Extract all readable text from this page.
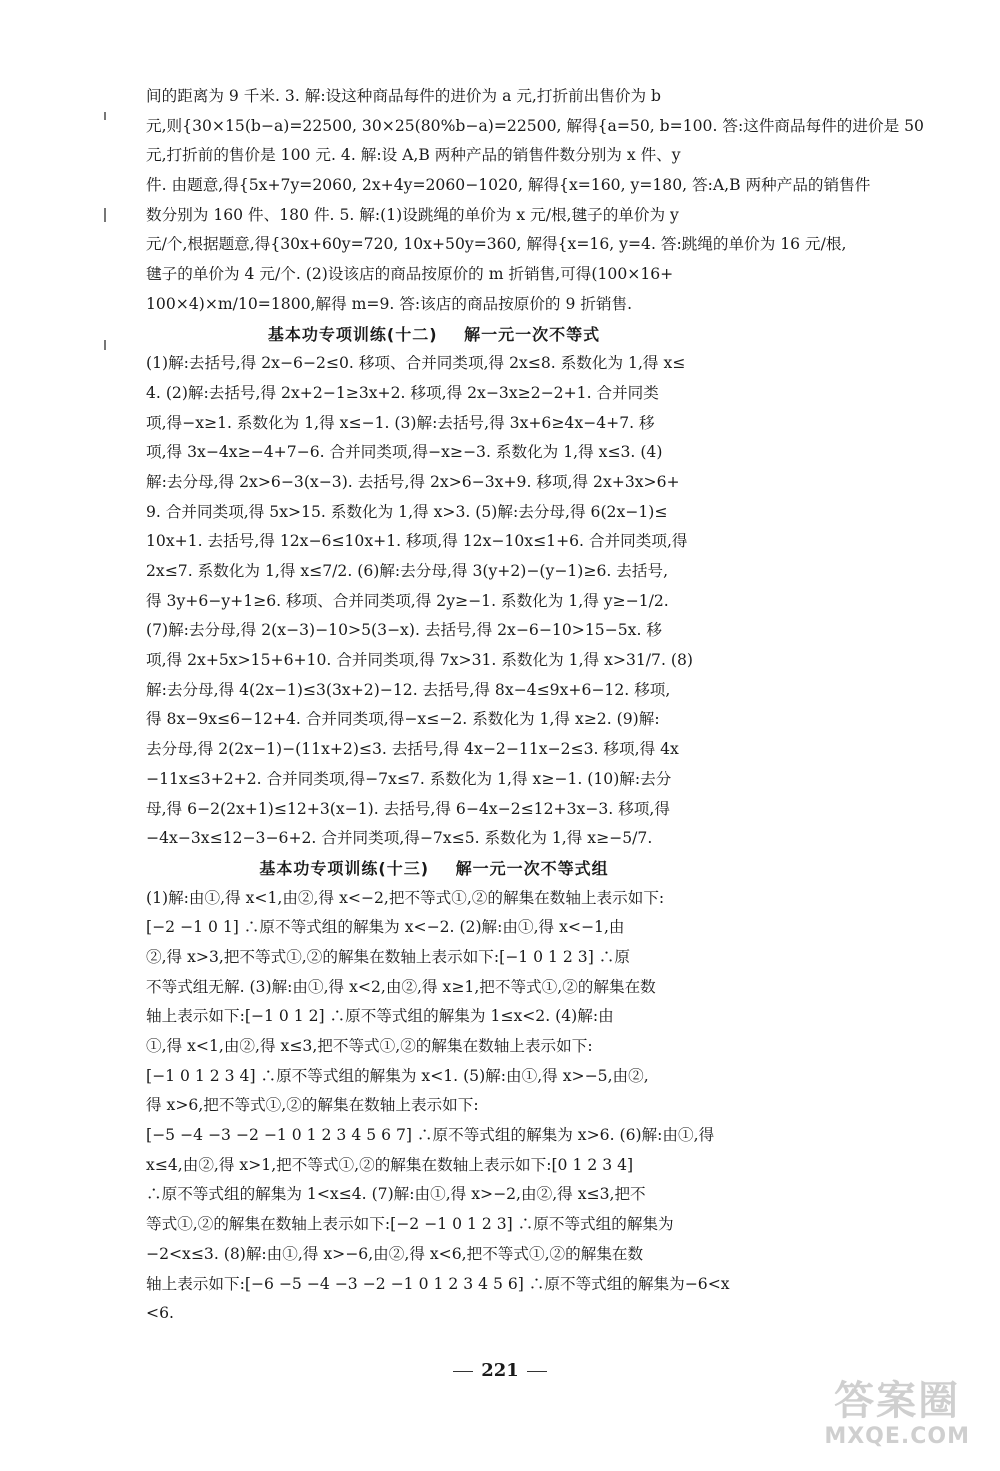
间的距离为 9 千米. 3. 解:设这种商品每件的进价为 a 元,打折前出售价为 b
元,则{30×15(b−a)=22500, 30×25(80%b−a)=22500, 解得{a=50, b=100. 答:这件商品每件的进价是 50
元,打折前的售价是 100 元. 4. 解:设 A,B 两种产品的销售件数分别为 x 件、y
件. 由题意,得{5x+7y=2060, 2x+4y=2060−1020, 解得{x=160, y=180, 答:A,B 两种产品的销售件
数分别为 160 件、180 件. 5. 解:(1)设跳绳的单价为 x 元/根,毽子的单价为 y
元/个,根据题意,得{30x+60y=720, 10x+50y=360, 解得{x=16, y=4. 答:跳绳的单价为 16 元/根,
毽子的单价为 4 元/个. (2)设该店的商品按原价的 m 折销售,可得(100×16+
100×4)×m/10=1800,解得 m=9. 答:该店的商品按原价的 9 折销售.
基本功专项训练(十二) 解一元一次不等式
(1)解:去括号,得 2x−6−2≤0. 移项、合并同类项,得 2x≤8. 系数化为 1,得 x≤
4. (2)解:去括号,得 2x+2−1≥3x+2. 移项,得 2x−3x≥2−2+1. 合并同类
项,得−x≥1. 系数化为 1,得 x≤−1. (3)解:去括号,得 3x+6≥4x−4+7. 移
项,得 3x−4x≥−4+7−6. 合并同类项,得−x≥−3. 系数化为 1,得 x≤3. (4)
解:去分母,得 2x>6−3(x−3). 去括号,得 2x>6−3x+9. 移项,得 2x+3x>6+
9. 合并同类项,得 5x>15. 系数化为 1,得 x>3. (5)解:去分母,得 6(2x−1)≤
10x+1. 去括号,得 12x−6≤10x+1. 移项,得 12x−10x≤1+6. 合并同类项,得
2x≤7. 系数化为 1,得 x≤7/2. (6)解:去分母,得 3(y+2)−(y−1)≥6. 去括号,
得 3y+6−y+1≥6. 移项、合并同类项,得 2y≥−1. 系数化为 1,得 y≥−1/2.
(7)解:去分母,得 2(x−3)−10>5(3−x). 去括号,得 2x−6−10>15−5x. 移
项,得 2x+5x>15+6+10. 合并同类项,得 7x>31. 系数化为 1,得 x>31/7. (8)
解:去分母,得 4(2x−1)≤3(3x+2)−12. 去括号,得 8x−4≤9x+6−12. 移项,
得 8x−9x≤6−12+4. 合并同类项,得−x≤−2. 系数化为 1,得 x≥2. (9)解:
去分母,得 2(2x−1)−(11x+2)≤3. 去括号,得 4x−2−11x−2≤3. 移项,得 4x
−11x≤3+2+2. 合并同类项,得−7x≤7. 系数化为 1,得 x≥−1. (10)解:去分
母,得 6−2(2x+1)≤12+3(x−1). 去括号,得 6−4x−2≤12+3x−3. 移项,得
−4x−3x≤12−3−6+2. 合并同类项,得−7x≤5. 系数化为 1,得 x≥−5/7.
基本功专项训练(十三) 解一元一次不等式组
(1)解:由①,得 x<1,由②,得 x<−2,把不等式①,②的解集在数轴上表示如下:
[−2 −1 0 1] ∴原不等式组的解集为 x<−2. (2)解:由①,得 x<−1,由
②,得 x>3,把不等式①,②的解集在数轴上表示如下:[−1 0 1 2 3] ∴原
不等式组无解. (3)解:由①,得 x<2,由②,得 x≥1,把不等式①,②的解集在数
轴上表示如下:[−1 0 1 2] ∴原不等式组的解集为 1≤x<2. (4)解:由
①,得 x<1,由②,得 x≤3,把不等式①,②的解集在数轴上表示如下:
[−1 0 1 2 3 4] ∴原不等式组的解集为 x<1. (5)解:由①,得 x>−5,由②,
得 x>6,把不等式①,②的解集在数轴上表示如下:
[−5 −4 −3 −2 −1 0 1 2 3 4 5 6 7] ∴原不等式组的解集为 x>6. (6)解:由①,得
x≤4,由②,得 x>1,把不等式①,②的解集在数轴上表示如下:[0 1 2 3 4]
∴原不等式组的解集为 1<x≤4. (7)解:由①,得 x>−2,由②,得 x≤3,把不
等式①,②的解集在数轴上表示如下:[−2 −1 0 1 2 3] ∴原不等式组的解集为
−2<x≤3. (8)解:由①,得 x>−6,由②,得 x<6,把不等式①,②的解集在数
轴上表示如下:[−6 −5 −4 −3 −2 −1 0 1 2 3 4 5 6] ∴原不等式组的解集为−6<x
<6.
221
答案圈
MXQE.COM
